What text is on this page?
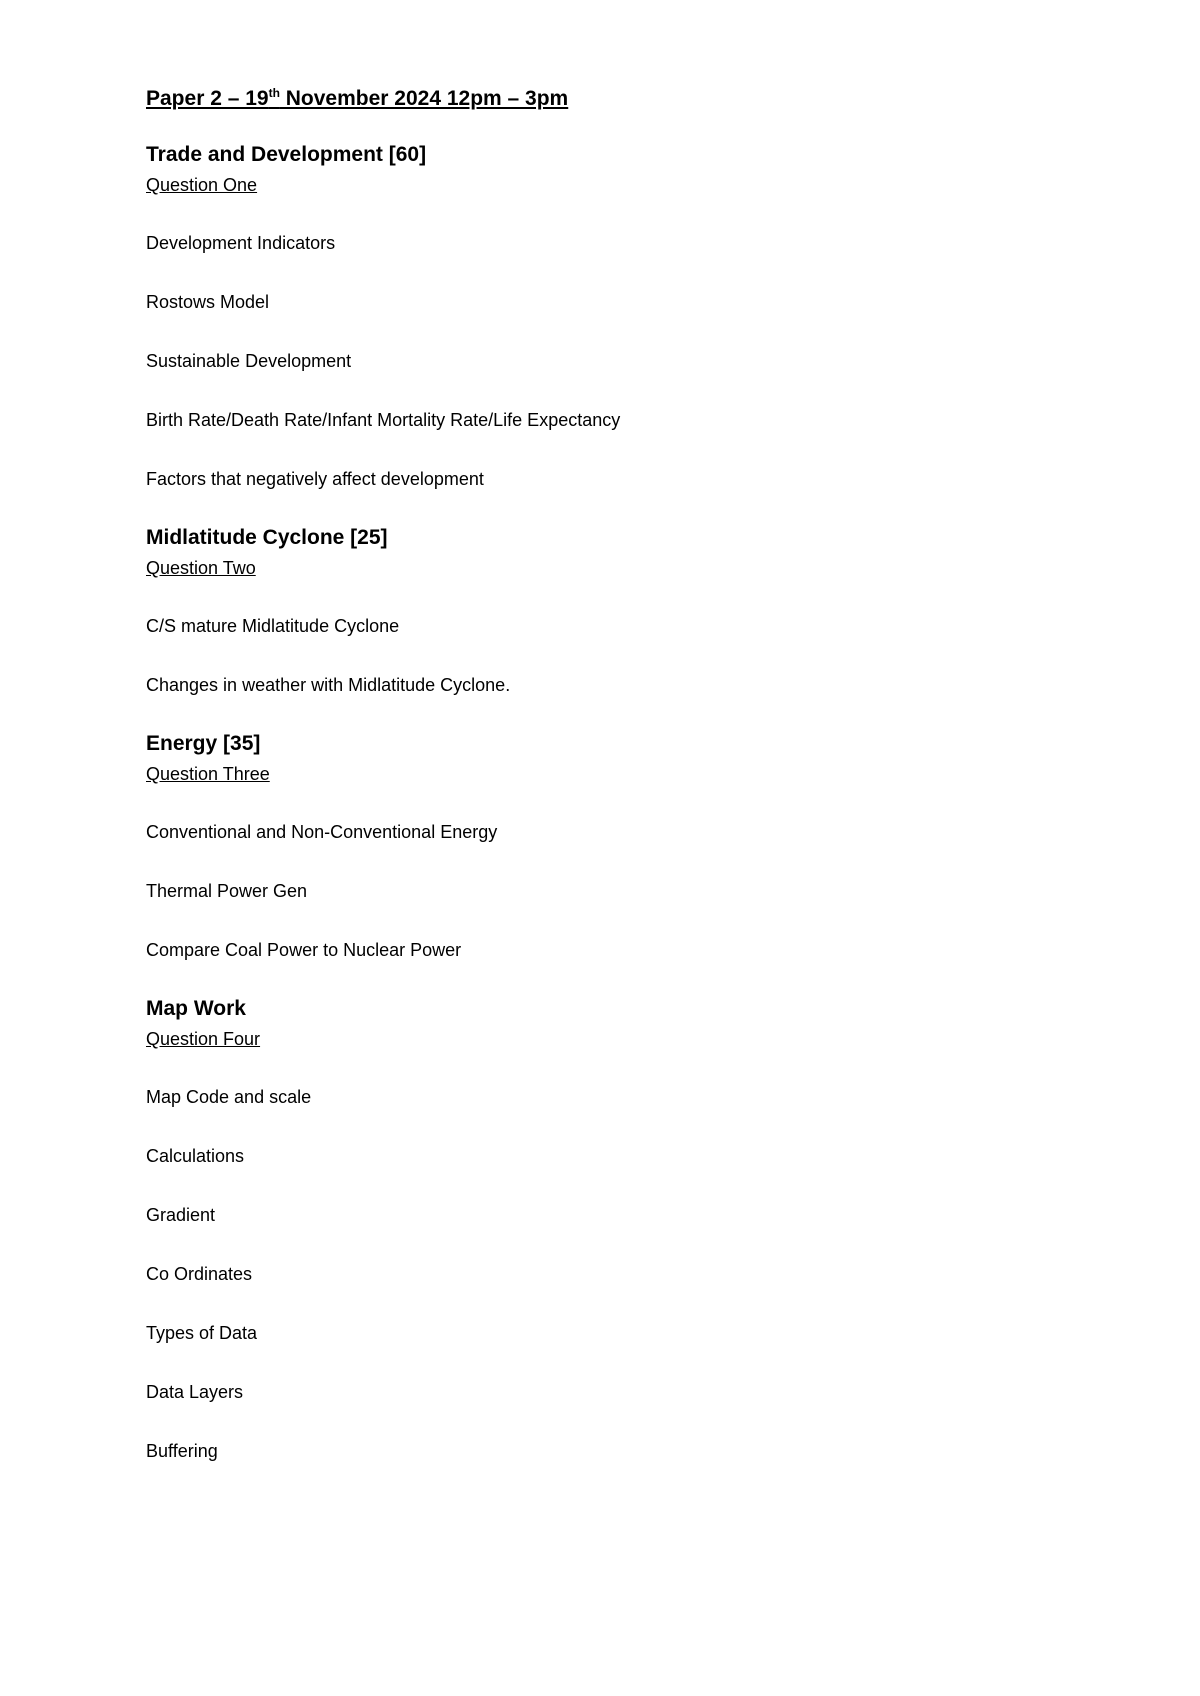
Paper 2 – 19th November 2024 12pm – 3pm
Trade and Development [60]
Question One
Development Indicators
Rostows Model
Sustainable Development
Birth Rate/Death Rate/Infant Mortality Rate/Life Expectancy
Factors that negatively affect development
Midlatitude Cyclone [25]
Question Two
C/S mature Midlatitude Cyclone
Changes in weather with Midlatitude Cyclone.
Energy [35]
Question Three
Conventional and Non-Conventional Energy
Thermal Power Gen
Compare Coal Power to Nuclear Power
Map Work
Question Four
Map Code and scale
Calculations
Gradient
Co Ordinates
Types of Data
Data Layers
Buffering
